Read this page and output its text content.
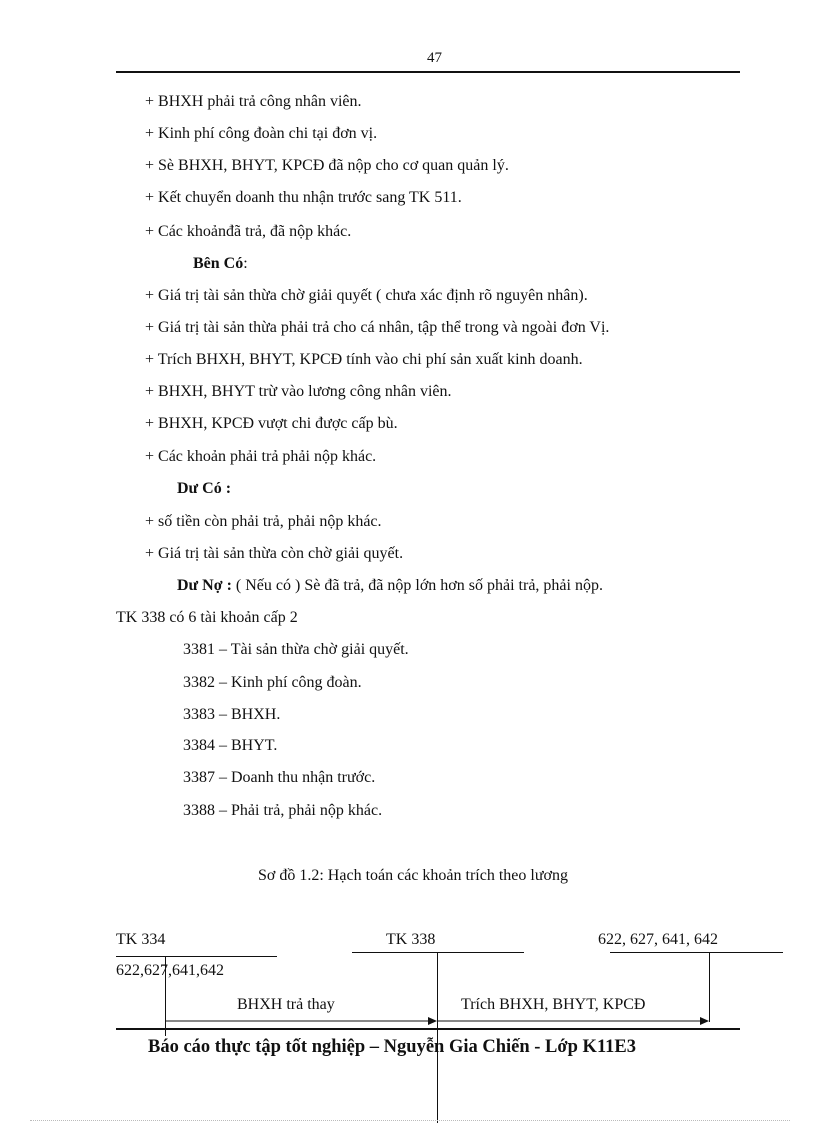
47
+ BHXH phải trả công nhân viên.
+ Kinh phí công đoàn chi tại đơn vị.
+ Sè BHXH, BHYT, KPCĐ đã nộp cho cơ quan quản lý.
+ Kết chuyển doanh thu nhận trước sang TK 511.
+ Các khoảnđã trả, đã nộp khác.
Bên Có:
+ Giá trị tài sản thừa chờ giải quyết ( chưa xác định rõ nguyên nhân).
+ Giá trị tài sản thừa phải trả cho cá nhân, tập thể trong và ngoài đơn Vị.
+ Trích BHXH, BHYT, KPCĐ tính vào chi phí sản xuất kinh doanh.
+ BHXH, BHYT trừ vào lương công nhân viên.
+ BHXH, KPCĐ vượt chi được cấp bù.
+ Các khoản phải trả phải nộp khác.
Dư Có :
+ số tiền còn phải trả, phải nộp khác.
+ Giá trị tài sản thừa còn chờ giải quyết.
Dư Nợ : ( Nếu có ) Sè đã trả, đã nộp lớn hơn số phải trả, phải nộp.
TK 338 có 6 tài khoản cấp 2
3381 – Tài sản thừa chờ giải quyết.
3382 – Kinh phí công đoàn.
3383 – BHXH.
3384 – BHYT.
3387 – Doanh thu nhận trước.
3388 – Phải trả, phải nộp khác.
Sơ đồ 1.2: Hạch toán các khoản trích theo lương
TK 334	TK 338	622, 627, 641, 642
622,627,641,642
BHXH trả thay	Trích BHXH, BHYT, KPCĐ
Báo cáo thực tập tốt nghiệp – Nguyễn Gia Chiến - Lớp K11E3
